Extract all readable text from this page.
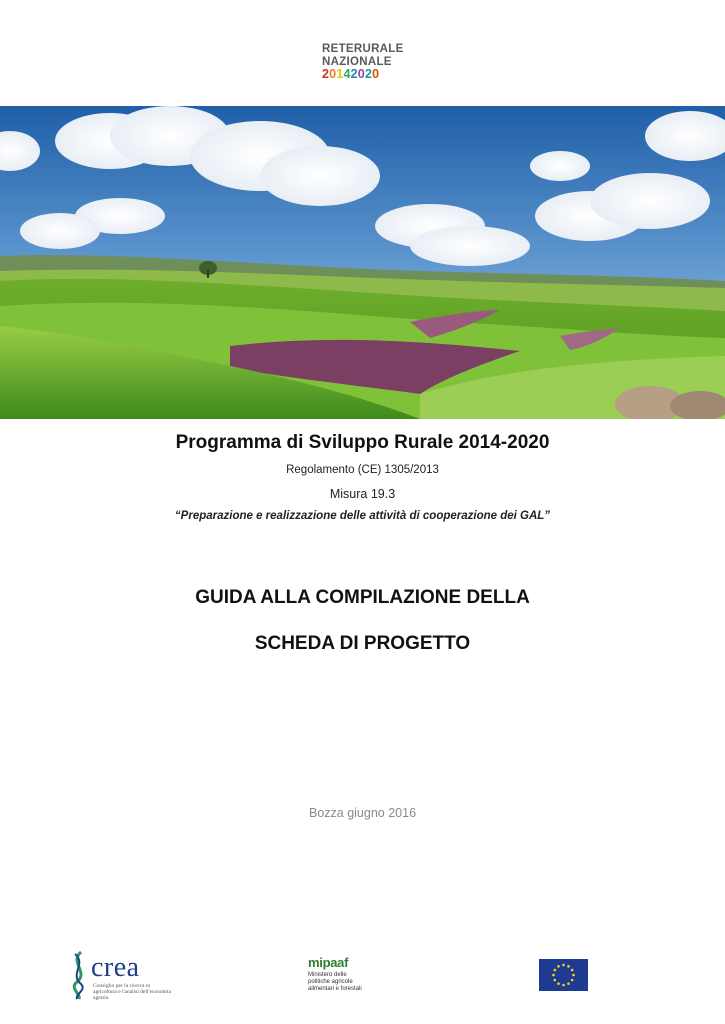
RETERURALE
NAZIONALE
20142020
Programma di Sviluppo Rurale 2014-2020
Regolamento (CE) 1305/2013
Misura 19.3
“Preparazione e realizzazione delle attività di cooperazione dei GAL”
GUIDA ALLA COMPILAZIONE DELLA
SCHEDA DI PROGETTO
Bozza giugno 2016
crea
Consiglio per la ricerca in agricoltura e l'analisi dell'economia agraria
mipaaf
Ministero delle
politiche agricole
alimentari e forestali
